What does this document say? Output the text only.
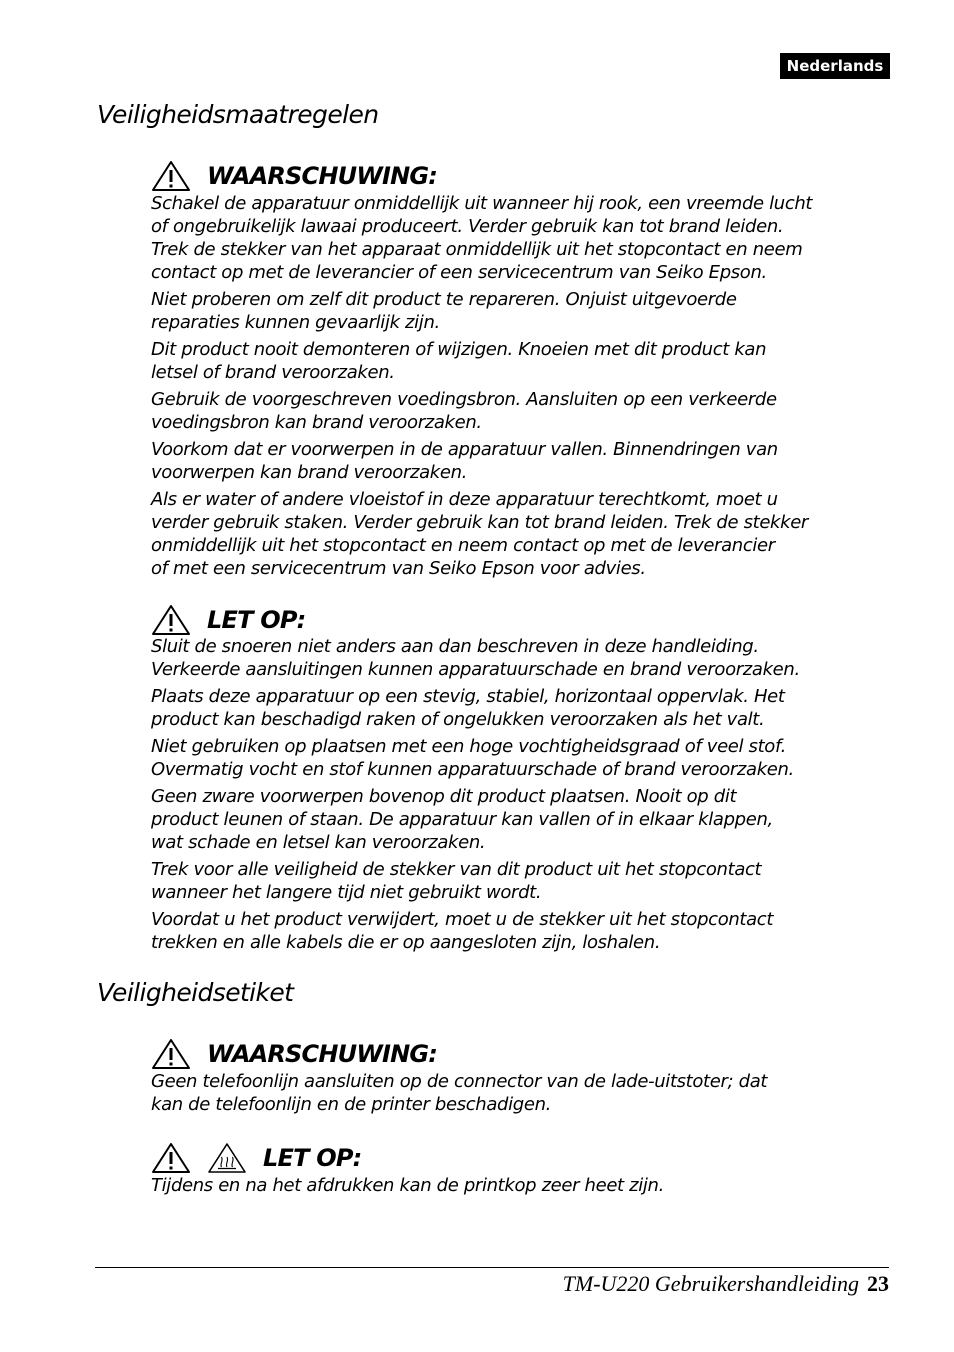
Nederlands
Veiligheidsmaatregelen
WAARSCHUWING:
Schakel de apparatuur onmiddellijk uit wanneer hij rook, een vreemde lucht
of ongebruikelijk lawaai produceert. Verder gebruik kan tot brand leiden.
Trek de stekker van het apparaat onmiddellijk uit het stopcontact en neem
contact op met de leverancier of een servicecentrum van Seiko Epson.
Niet proberen om zelf dit product te repareren. Onjuist uitgevoerde
reparaties kunnen gevaarlijk zijn.
Dit product nooit demonteren of wijzigen. Knoeien met dit product kan
letsel of brand veroorzaken.
Gebruik de voorgeschreven voedingsbron. Aansluiten op een verkeerde
voedingsbron kan brand veroorzaken.
Voorkom dat er voorwerpen in de apparatuur vallen. Binnendringen van
voorwerpen kan brand veroorzaken.
Als er water of andere vloeistof in deze apparatuur terechtkomt, moet u
verder gebruik staken. Verder gebruik kan tot brand leiden. Trek de stekker
onmiddellijk uit het stopcontact en neem contact op met de leverancier
of met een servicecentrum van Seiko Epson voor advies.
LET OP:
Sluit de snoeren niet anders aan dan beschreven in deze handleiding.
Verkeerde aansluitingen kunnen apparatuurschade en brand veroorzaken.
Plaats deze apparatuur op een stevig, stabiel, horizontaal oppervlak. Het
product kan beschadigd raken of ongelukken veroorzaken als het valt.
Niet gebruiken op plaatsen met een hoge vochtigheidsgraad of veel stof.
Overmatig vocht en stof kunnen apparatuurschade of brand veroorzaken.
Geen zware voorwerpen bovenop dit product plaatsen. Nooit op dit
product leunen of staan. De apparatuur kan vallen of in elkaar klappen,
wat schade en letsel kan veroorzaken.
Trek voor alle veiligheid de stekker van dit product uit het stopcontact
wanneer het langere tijd niet gebruikt wordt.
Voordat u het product verwijdert, moet u de stekker uit het stopcontact
trekken en alle kabels die er op aangesloten zijn, loshalen.
Veiligheidsetiket
WAARSCHUWING:
Geen telefoonlijn aansluiten op de connector van de lade-uitstoter; dat
kan de telefoonlijn en de printer beschadigen.
LET OP:
Tijdens en na het afdrukken kan de printkop zeer heet zijn.
TM-U220 Gebruikershandleiding 23
